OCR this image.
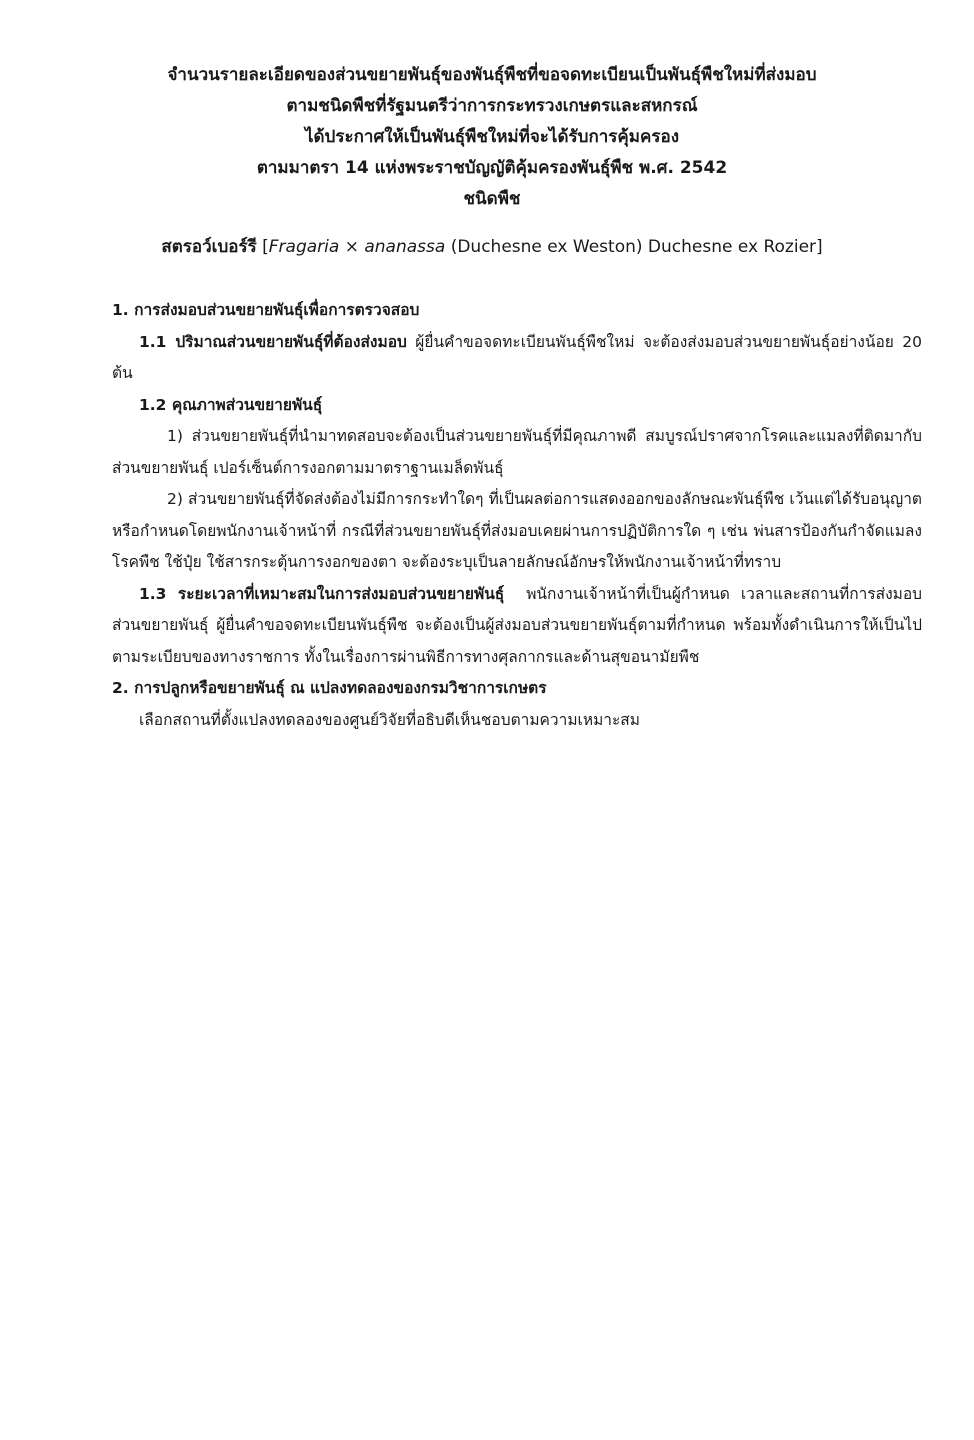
จำนวนรายละเอียดของส่วนขยายพันธุ์ของพันธุ์พืชที่ขอจดทะเบียนเป็นพันธุ์พืชใหม่ที่ส่งมอบ
ตามชนิดพืชที่รัฐมนตรีว่าการกระทรวงเกษตรและสหกรณ์
ได้ประกาศให้เป็นพันธุ์พืชใหม่ที่จะได้รับการคุ้มครอง
ตามมาตรา 14 แห่งพระราชบัญญัติคุ้มครองพันธุ์พืช พ.ศ. 2542
ชนิดพืช
สตรอว์เบอร์รี [Fragaria × ananassa (Duchesne ex Weston) Duchesne ex Rozier]

1. การส่งมอบส่วนขยายพันธุ์เพื่อการตรวจสอบ

1.1 ปริมาณส่วนขยายพันธุ์ที่ต้องส่งมอบ ผู้ยื่นคำขอจดทะเบียนพันธุ์พืชใหม่ จะต้องส่งมอบส่วนขยายพันธุ์อย่างน้อย 20 ต้น

1.2 คุณภาพส่วนขยายพันธุ์

1) ส่วนขยายพันธุ์ที่นำมาทดสอบจะต้องเป็นส่วนขยายพันธุ์ที่มีคุณภาพดี สมบูรณ์ปราศจากโรคและแมลงที่ติดมากับส่วนขยายพันธุ์ เปอร์เซ็นต์การงอกตามมาตราฐานเมล็ดพันธุ์

2) ส่วนขยายพันธุ์ที่จัดส่งต้องไม่มีการกระทำใดๆ ที่เป็นผลต่อการแสดงออกของลักษณะพันธุ์พืช เว้นแต่ได้รับอนุญาต หรือกำหนดโดยพนักงานเจ้าหน้าที่ กรณีที่ส่วนขยายพันธุ์ที่ส่งมอบเคยผ่านการปฏิบัติการใด ๆ เช่น พ่นสารป้องกันกำจัดแมลง โรคพืช ใช้ปุ๋ย ใช้สารกระตุ้นการงอกของตา จะต้องระบุเป็นลายลักษณ์อักษรให้พนักงานเจ้าหน้าที่ทราบ

1.3 ระยะเวลาที่เหมาะสมในการส่งมอบส่วนขยายพันธุ์ พนักงานเจ้าหน้าที่เป็นผู้กำหนด เวลาและสถานที่การส่งมอบส่วนขยายพันธุ์ ผู้ยื่นคำขอจดทะเบียนพันธุ์พืช จะต้องเป็นผู้ส่งมอบส่วนขยายพันธุ์ตามที่กำหนด พร้อมทั้งดำเนินการให้เป็นไปตามระเบียบของทางราชการ ทั้งในเรื่องการผ่านพิธีการทางศุลกากรและด้านสุขอนามัยพืช

2. การปลูกหรือขยายพันธุ์ ณ แปลงทดลองของกรมวิชาการเกษตร

เลือกสถานที่ตั้งแปลงทดลองของศูนย์วิจัยที่อธิบดีเห็นชอบตามความเหมาะสม
